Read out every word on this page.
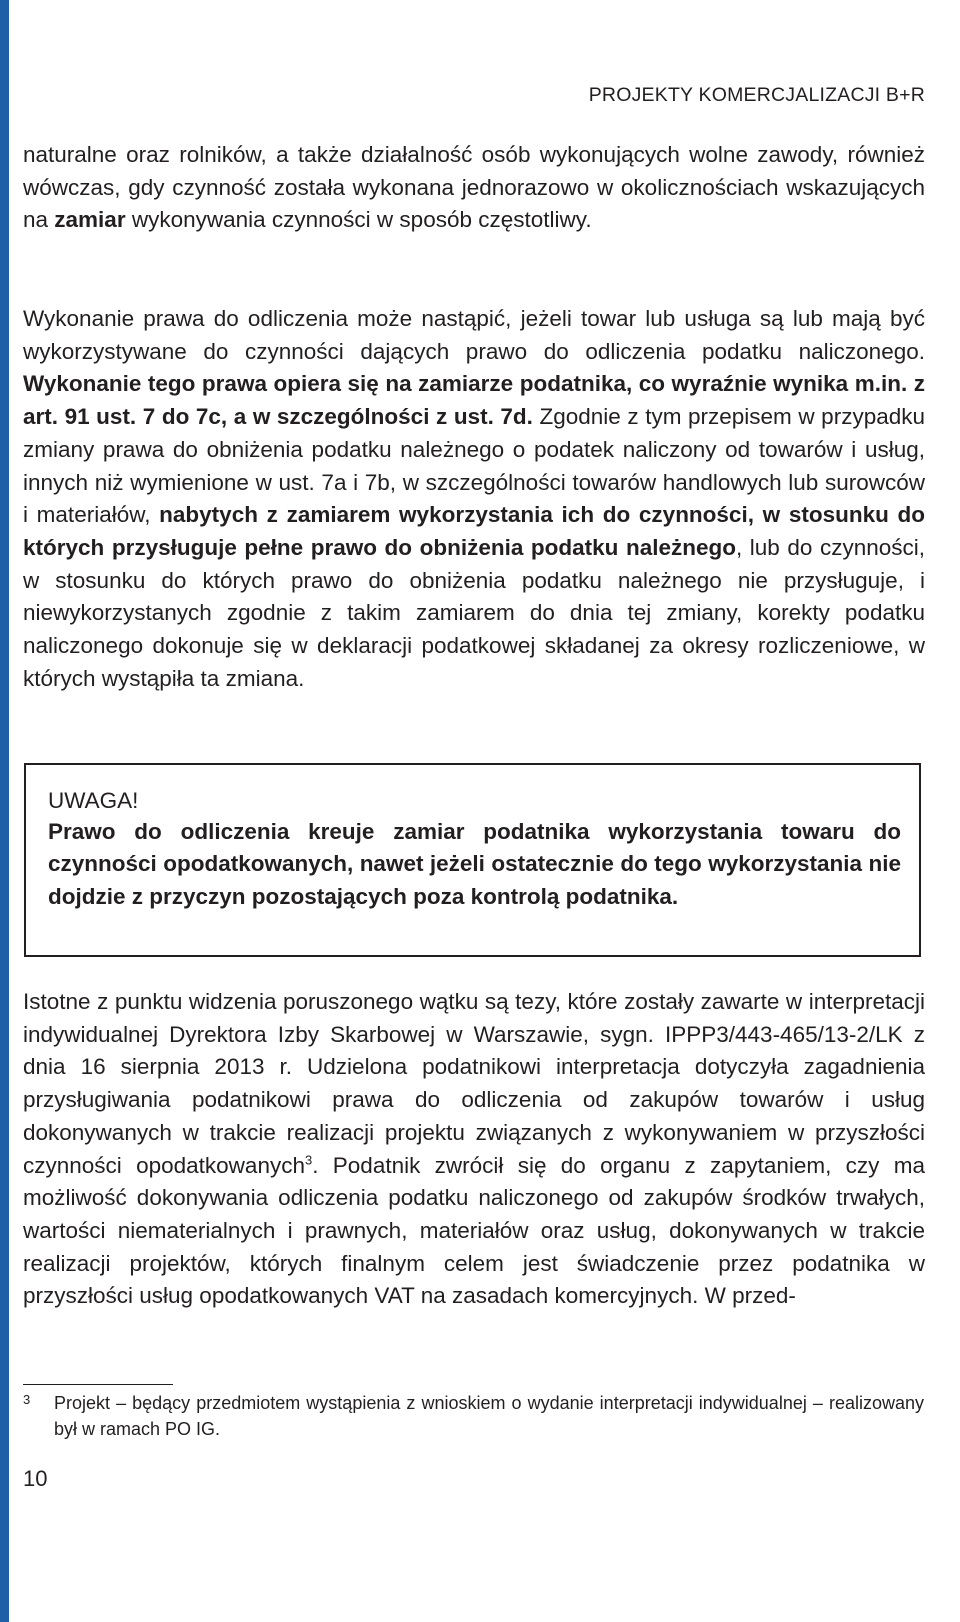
PROJEKTY KOMERCJALIZACJI B+R

naturalne oraz rolników, a także działalność osób wykonujących wolne zawody, również wówczas, gdy czynność została wykonana jednorazowo w okolicznościach wskazujących na zamiar wykonywania czynności w sposób częstotliwy.

Wykonanie prawa do odliczenia może nastąpić, jeżeli towar lub usługa są lub mają być wykorzystywane do czynności dających prawo do odliczenia podatku naliczonego. Wykonanie tego prawa opiera się na zamiarze podatnika, co wyraźnie wynika m.in. z art. 91 ust. 7 do 7c, a w szczególności z ust. 7d. Zgodnie z tym przepisem w przypadku zmiany prawa do obniżenia podatku należnego o podatek naliczony od towarów i usług, innych niż wymienione w ust. 7a i 7b, w szczególności towarów handlowych lub surowców i materiałów, nabytych z zamiarem wykorzystania ich do czynności, w stosunku do których przysługuje pełne prawo do obniżenia podatku należnego, lub do czynności, w stosunku do których prawo do obniżenia podatku należnego nie przysługuje, i niewykorzystanych zgodnie z takim zamiarem do dnia tej zmiany, korekty podatku naliczonego dokonuje się w deklaracji podatkowej składanej za okresy rozliczeniowe, w których wystąpiła ta zmiana.

UWAGA!

Prawo do odliczenia kreuje zamiar podatnika wykorzystania towaru do czynności opodatkowanych, nawet jeżeli ostatecznie do tego wykorzystania nie dojdzie z przyczyn pozostających poza kontrolą podatnika.

Istotne z punktu widzenia poruszonego wątku są tezy, które zostały zawarte w interpretacji indywidualnej Dyrektora Izby Skarbowej w Warszawie, sygn. IPPP3/443-465/13-2/LK z dnia 16 sierpnia 2013 r. Udzielona podatnikowi interpretacja dotyczyła zagadnienia przysługiwania podatnikowi prawa do odliczenia od zakupów towarów i usług dokonywanych w trakcie realizacji projektu związanych z wykonywaniem w przyszłości czynności opodatkowanych$^3$. Podatnik zwrócił się do organu z zapytaniem, czy ma możliwość dokonywania odliczenia podatku naliczonego od zakupów środków trwałych, wartości niematerialnych i prawnych, materiałów oraz usług, dokonywanych w trakcie realizacji projektów, których finalnym celem jest świadczenie przez podatnika w przyszłości usług opodatkowanych VAT na zasadach komercyjnych. W przed-

3 Projekt – będący przedmiotem wystąpienia z wnioskiem o wydanie interpretacji indywidualnej – realizowany był w ramach PO IG.

10
